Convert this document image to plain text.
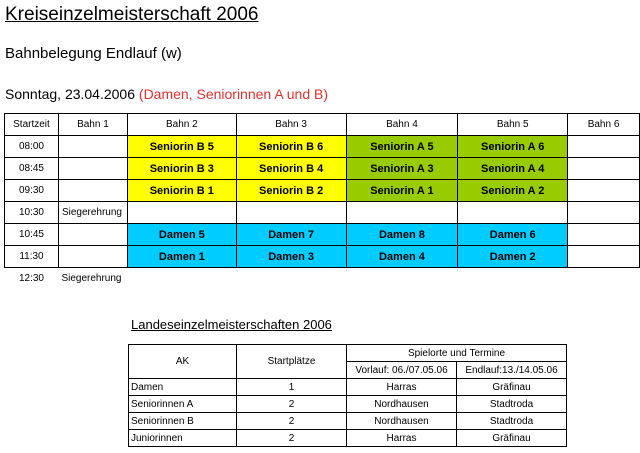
Kreiseinzelmeisterschaft 2006
Bahnbelegung Endlauf (w)
Sonntag, 23.04.2006 (Damen, Seniorinnen A und B)
Startzeit	Bahn 1	Bahn 2	Bahn 3	Bahn 4	Bahn 5	Bahn 6
08:00		Seniorin B 5	Seniorin B 6	Seniorin A 5	Seniorin A 6	
08:45		Seniorin B 3	Seniorin B 4	Seniorin A 3	Seniorin A 4	
09:30		Seniorin B 1	Seniorin B 2	Seniorin A 1	Seniorin A 2	
10:30	Siegerehrung					
10:45		Damen 5	Damen 7	Damen 8	Damen 6	
11:30		Damen 1	Damen 3	Damen 4	Damen 2	
12:30	Siegerehrung					
Landeseinzelmeisterschaften 2006
AK	Startplätze	Spielorte und Termine	
		Vorlauf: 06./07.05.06	Endlauf:13./14.05.06
Damen	1	Harras	Gräfinau
Seniorinnen A	2	Nordhausen	Stadtroda
Seniorinnen B	2	Nordhausen	Stadtroda
Juniorinnen	2	Harras	Gräfinau
